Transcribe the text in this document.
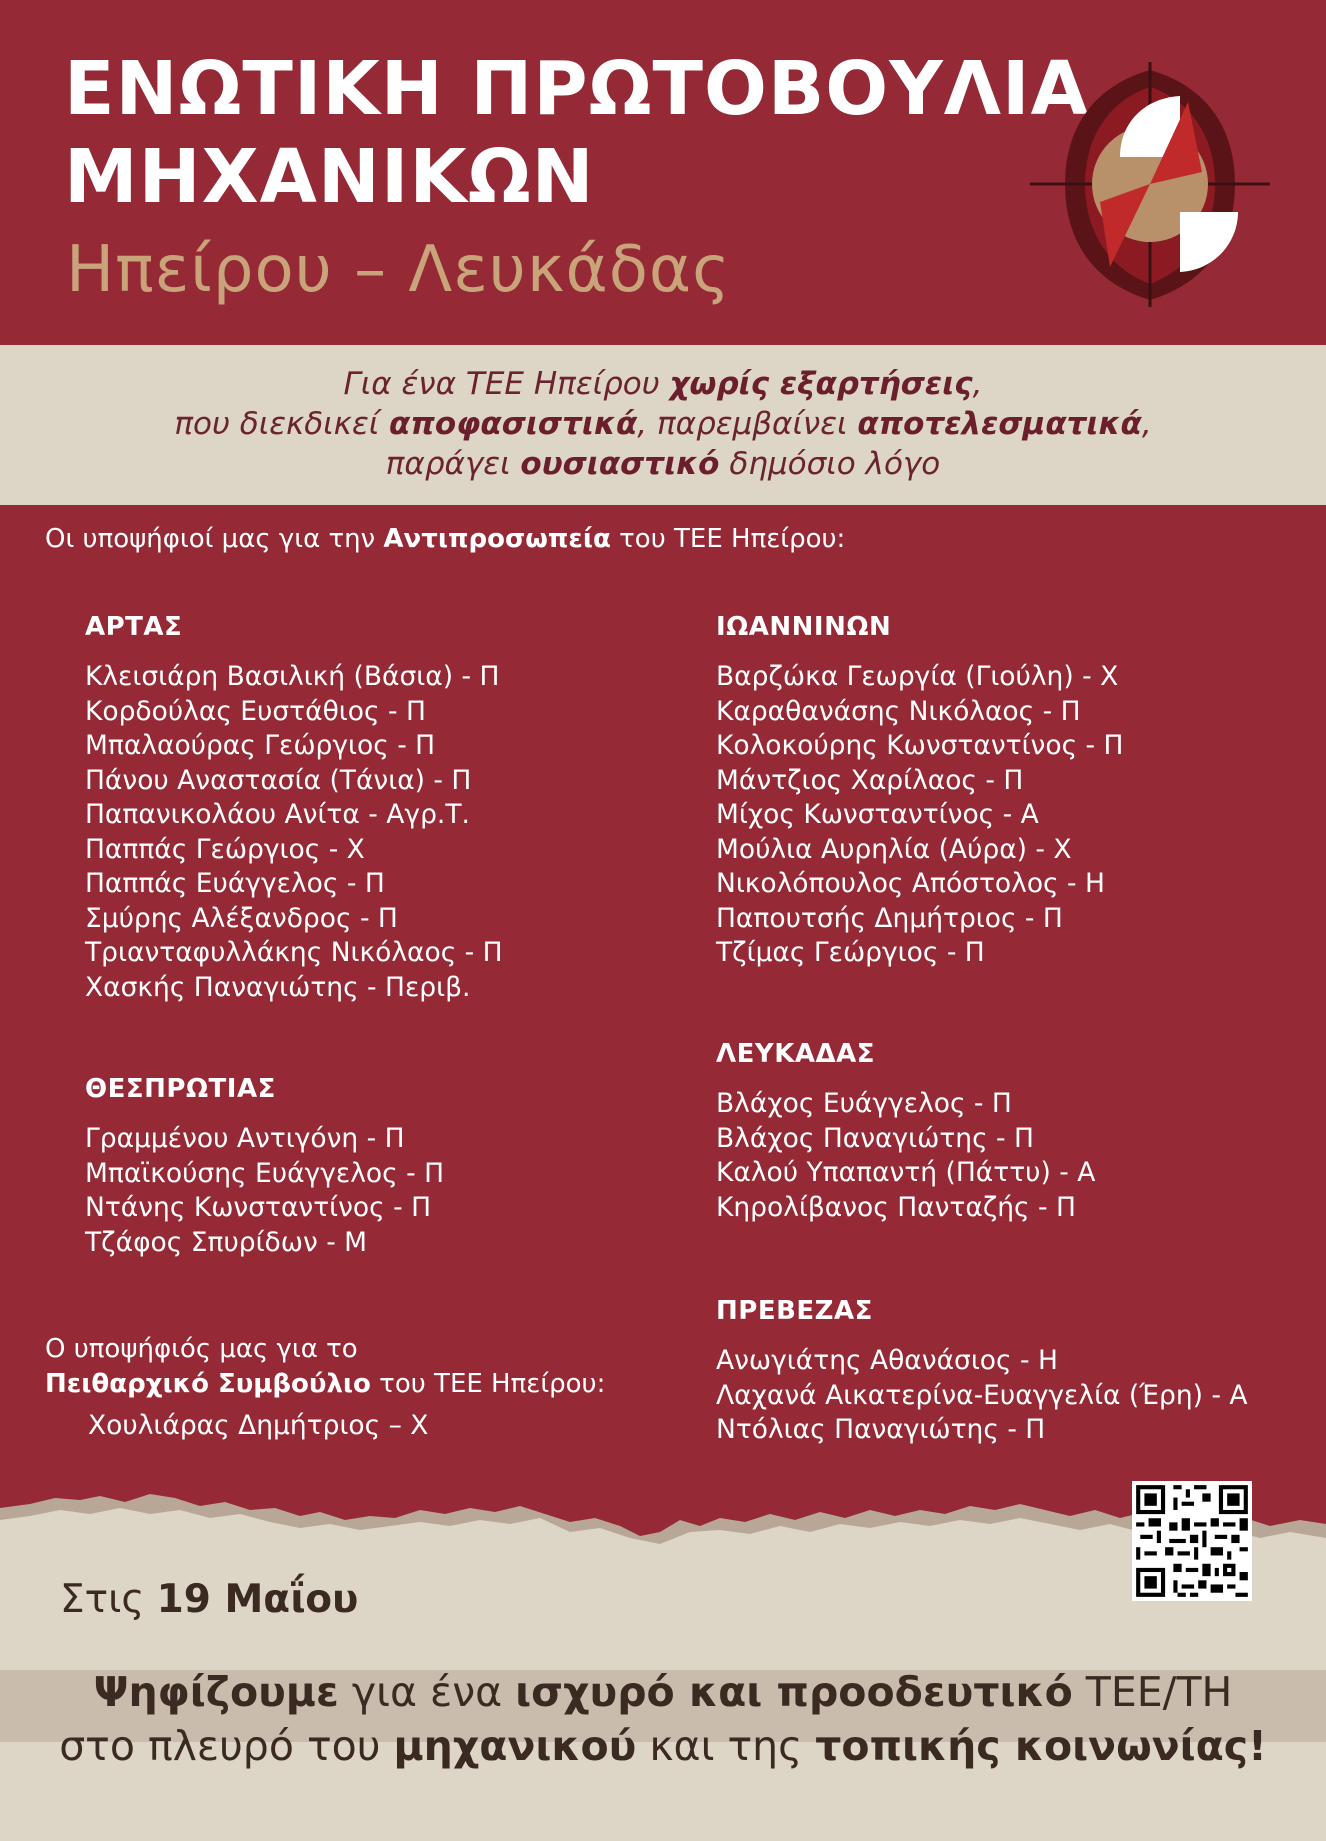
ΕΝΩΤΙΚΗ ΠΡΩΤΟΒΟΥΛΙΑ
ΜΗΧΑΝΙΚΩΝ
Ηπείρου – Λευκάδας
Για ένα ΤΕΕ Ηπείρου χωρίς εξαρτήσεις,
που διεκδικεί αποφασιστικά, παρεμβαίνει αποτελεσματικά,
παράγει ουσιαστικό δημόσιο λόγο
Οι υποψήφιοί μας για την Αντιπροσωπεία του ΤΕΕ Ηπείρου:
ΑΡΤΑΣ
Κλεισιάρη Βασιλική (Βάσια) - Π
Κορδούλας Ευστάθιος - Π
Μπαλαούρας Γεώργιος - Π
Πάνου Αναστασία (Τάνια) - Π
Παπανικολάου Ανίτα - Αγρ.Τ.
Παππάς Γεώργιος - Χ
Παππάς Ευάγγελος - Π
Σμύρης Αλέξανδρος - Π
Τριανταφυλλάκης Νικόλαος - Π
Χασκής Παναγιώτης - Περιβ.
ΘΕΣΠΡΩΤΙΑΣ
Γραμμένου Αντιγόνη - Π
Μπαϊκούσης Ευάγγελος - Π
Ντάνης Κωνσταντίνος - Π
Τζάφος Σπυρίδων - Μ
Ο υποψήφιός μας για το
Πειθαρχικό Συμβούλιο του ΤΕΕ Ηπείρου:
Χουλιάρας Δημήτριος – Χ
ΙΩΑΝΝΙΝΩΝ
Βαρζώκα Γεωργία (Γιούλη) - Χ
Καραθανάσης Νικόλαος - Π
Κολοκούρης Κωνσταντίνος - Π
Μάντζιος Χαρίλαος - Π
Μίχος Κωνσταντίνος - Α
Μούλια Αυρηλία (Αύρα) - Χ
Νικολόπουλος Απόστολος - Η
Παπουτσής Δημήτριος - Π
Τζίμας Γεώργιος - Π
ΛΕΥΚΑΔΑΣ
Βλάχος Ευάγγελος - Π
Βλάχος Παναγιώτης - Π
Καλού Υπαπαντή (Πάττυ) - Α
Κηρολίβανος Πανταζής - Π
ΠΡΕΒΕΖΑΣ
Ανωγιάτης Αθανάσιος - Η
Λαχανά Αικατερίνα-Ευαγγελία (Έρη) - Α
Ντόλιας Παναγιώτης - Π
Στις 19 Μαΐου
Ψηφίζουμε για ένα ισχυρό και προοδευτικό ΤΕΕ/ΤΗ
στο πλευρό του μηχανικού και της τοπικής κοινωνίας!
